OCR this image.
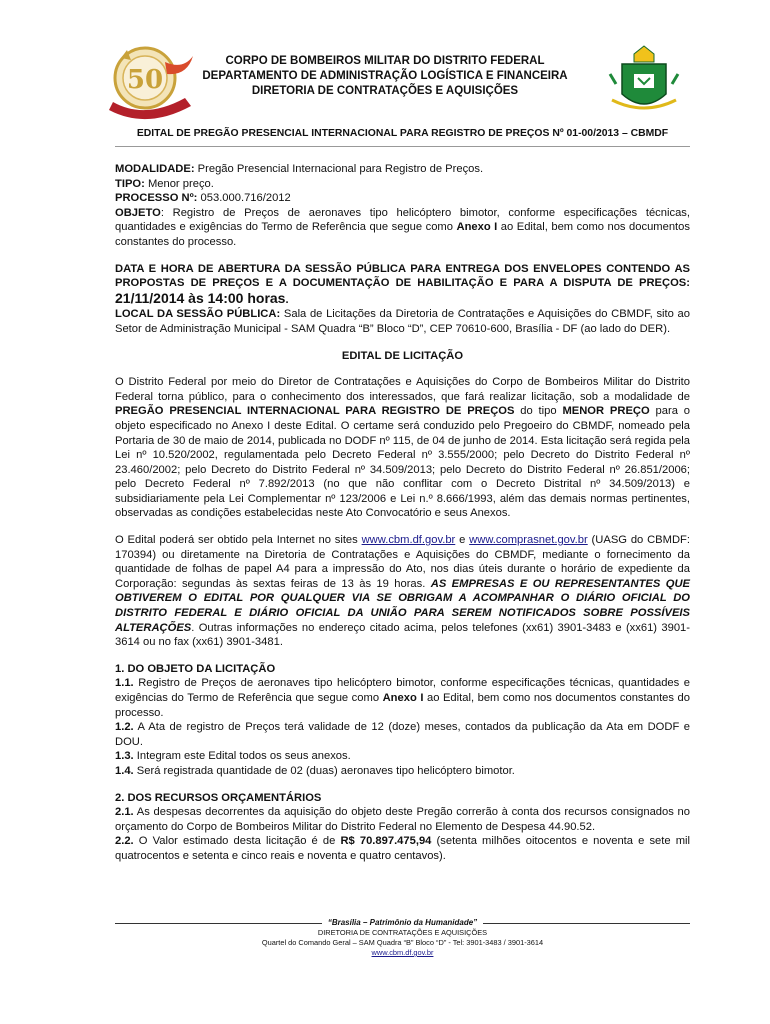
50
CORPO DE BOMBEIROS MILITAR DO DISTRITO FEDERAL
DEPARTAMENTO DE ADMINISTRAÇÃO LOGÍSTICA E FINANCEIRA
DIRETORIA DE CONTRATAÇÕES E AQUISIÇÕES
EDITAL DE PREGÃO PRESENCIAL INTERNACIONAL PARA REGISTRO DE PREÇOS Nº 01-00/2013 – CBMDF

MODALIDADE: Pregão Presencial Internacional para Registro de Preços.

TIPO: Menor preço.

PROCESSO Nº: 053.000.716/2012

OBJETO: Registro de Preços de aeronaves tipo helicóptero bimotor, conforme especificações técnicas, quantidades e exigências do Termo de Referência que segue como Anexo I ao Edital, bem como nos documentos constantes do processo.

DATA E HORA DE ABERTURA DA SESSÃO PÚBLICA PARA ENTREGA DOS ENVELOPES CONTENDO AS PROPOSTAS DE PREÇOS E A DOCUMENTAÇÃO DE HABILITAÇÃO E PARA A DISPUTA DE PREÇOS: 21/11/2014 às 14:00 horas.

LOCAL DA SESSÃO PÚBLICA: Sala de Licitações da Diretoria de Contratações e Aquisições do CBMDF, sito ao Setor de Administração Municipal - SAM Quadra “B” Bloco “D”, CEP 70610-600, Brasília - DF (ao lado do DER).

EDITAL DE LICITAÇÃO

O Distrito Federal por meio do Diretor de Contratações e Aquisições do Corpo de Bombeiros Militar do Distrito Federal torna público, para o conhecimento dos interessados, que fará realizar licitação, sob a modalidade de PREGÃO PRESENCIAL INTERNACIONAL PARA REGISTRO DE PREÇOS do tipo MENOR PREÇO para o objeto especificado no Anexo I deste Edital. O certame será conduzido pelo Pregoeiro do CBMDF, nomeado pela Portaria de 30 de maio de 2014, publicada no DODF nº 115, de 04 de junho de 2014. Esta licitação será regida pela Lei nº 10.520/2002, regulamentada pelo Decreto Federal nº 3.555/2000; pelo Decreto do Distrito Federal nº 23.460/2002; pelo Decreto do Distrito Federal nº 34.509/2013; pelo Decreto do Distrito Federal nº 26.851/2006; pelo Decreto Federal nº 7.892/2013 (no que não conflitar com o Decreto Distrital nº 34.509/2013) e subsidiariamente pela Lei Complementar nº 123/2006 e Lei n.º 8.666/1993, além das demais normas pertinentes, observadas as condições estabelecidas neste Ato Convocatório e seus Anexos.

O Edital poderá ser obtido pela Internet no sites www.cbm.df.gov.br e www.comprasnet.gov.br (UASG do CBMDF: 170394) ou diretamente na Diretoria de Contratações e Aquisições do CBMDF, mediante o fornecimento da quantidade de folhas de papel A4 para a impressão do Ato, nos dias úteis durante o horário de expediente da Corporação: segundas às sextas feiras de 13 às 19 horas. AS EMPRESAS E OU REPRESENTANTES QUE OBTIVEREM O EDITAL POR QUALQUER VIA SE OBRIGAM A ACOMPANHAR O DIÁRIO OFICIAL DO DISTRITO FEDERAL E DIÁRIO OFICIAL DA UNIÃO PARA SEREM NOTIFICADOS SOBRE POSSÍVEIS ALTERAÇÕES. Outras informações no endereço citado acima, pelos telefones (xx61) 3901-3483 e (xx61) 3901-3614 ou no fax (xx61) 3901-3481.

1. DO OBJETO DA LICITAÇÃO

1.1. Registro de Preços de aeronaves tipo helicóptero bimotor, conforme especificações técnicas, quantidades e exigências do Termo de Referência que segue como Anexo I ao Edital, bem como nos documentos constantes do processo.

1.2. A Ata de registro de Preços terá validade de 12 (doze) meses, contados da publicação da Ata em DODF e DOU.

1.3. Integram este Edital todos os seus anexos.

1.4. Será registrada quantidade de 02 (duas) aeronaves tipo helicóptero bimotor.

2. DOS RECURSOS ORÇAMENTÁRIOS

2.1. As despesas decorrentes da aquisição do objeto deste Pregão correrão à conta dos recursos consignados no orçamento do Corpo de Bombeiros Militar do Distrito Federal no Elemento de Despesa 44.90.52.

2.2. O Valor estimado desta licitação é de R$ 70.897.475,94 (setenta milhões oitocentos e noventa e sete mil quatrocentos e setenta e cinco reais e noventa e quatro centavos).

“Brasília – Patrimônio da Humanidade”
DIRETORIA DE CONTRATAÇÕES E AQUISIÇÕES
Quartel do Comando Geral – SAM Quadra “B” Bloco “D” - Tel: 3901-3483 / 3901-3614
www.cbm.df.gov.br
